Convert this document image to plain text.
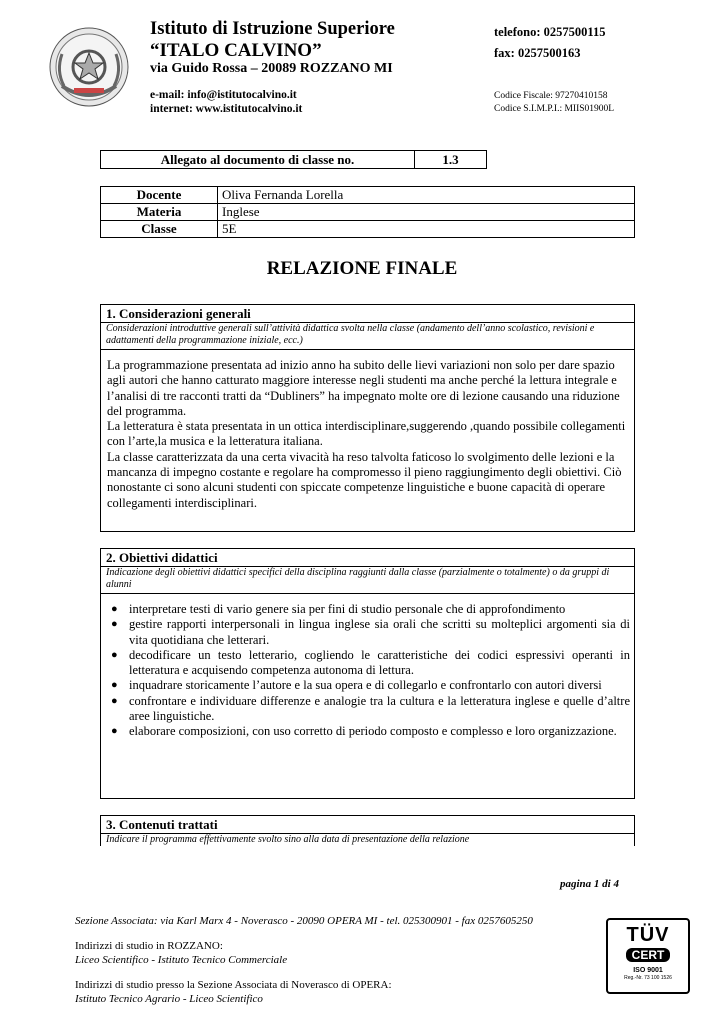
Istituto di Istruzione Superiore
“ITALO CALVINO”
via Guido Rossa – 20089 ROZZANO MI
e-mail: info@istitutocalvino.it
internet: www.istitutocalvino.it
telefono: 0257500115
fax: 0257500163
Codice Fiscale: 97270410158
Codice S.I.M.P.I.: MIIS01900L
Allegato al documento di classe no.	1.3
Docente	Oliva Fernanda Lorella
Materia	Inglese
Classe	5E
RELAZIONE FINALE
1. Considerazioni generali
Considerazioni introduttive generali sull’attività didattica svolta nella classe (andamento dell’anno scolastico, revisioni e adattamenti della programmazione iniziale, ecc.)

La programmazione presentata ad inizio anno ha subito delle lievi variazioni non solo per dare spazio agli autori che hanno catturato maggiore interesse negli studenti ma anche perché la lettura integrale e l’analisi di tre racconti tratti da “Dubliners” ha impegnato molte ore di lezione causando una riduzione del programma.

La letteratura è stata presentata in un ottica interdisciplinare,suggerendo ,quando possibile collegamenti con l’arte,la musica e la letteratura italiana.

La classe caratterizzata da una certa vivacità ha reso talvolta faticoso lo svolgimento delle lezioni e la mancanza di impegno costante e regolare ha compromesso il pieno raggiungimento degli obiettivi. Ciò nonostante ci sono alcuni studenti con spiccate competenze linguistiche e buone capacità di operare collegamenti interdisciplinari.

2. Obiettivi didattici
Indicazione degli obiettivi didattici specifici della disciplina raggiunti dalla classe (parzialmente o totalmente) o da gruppi di alunni
● interpretare testi di vario genere sia per fini di studio personale che di approfondimento
● gestire rapporti interpersonali in lingua inglese sia orali che scritti su molteplici argomenti sia di vita quotidiana che letterari.
● decodificare un testo letterario, cogliendo le caratteristiche dei codici espressivi operanti in letteratura e acquisendo competenza autonoma di lettura.
● inquadrare storicamente l’autore e la sua opera e di collegarlo e confrontarlo con autori diversi
● confrontare e individuare differenze e analogie tra la cultura e la letteratura inglese e quelle d’altre aree linguistiche.
● elaborare composizioni, con uso corretto di periodo composto e complesso e loro organizzazione.
3. Contenuti trattati
Indicare il programma effettivamente svolto sino alla data di presentazione della relazione
pagina 1 di 4
Sezione Associata: via Karl Marx 4 - Noverasco - 20090 OPERA MI - tel. 025300901 - fax 0257605250
Indirizzi di studio in ROZZANO:
Liceo Scientifico - Istituto Tecnico Commerciale
Indirizzi di studio presso la Sezione Associata di Noverasco di OPERA:
Istituto Tecnico Agrario - Liceo Scientifico
TÜV
CERT
ISO 9001
Reg.-Nr. 73 100 1526
